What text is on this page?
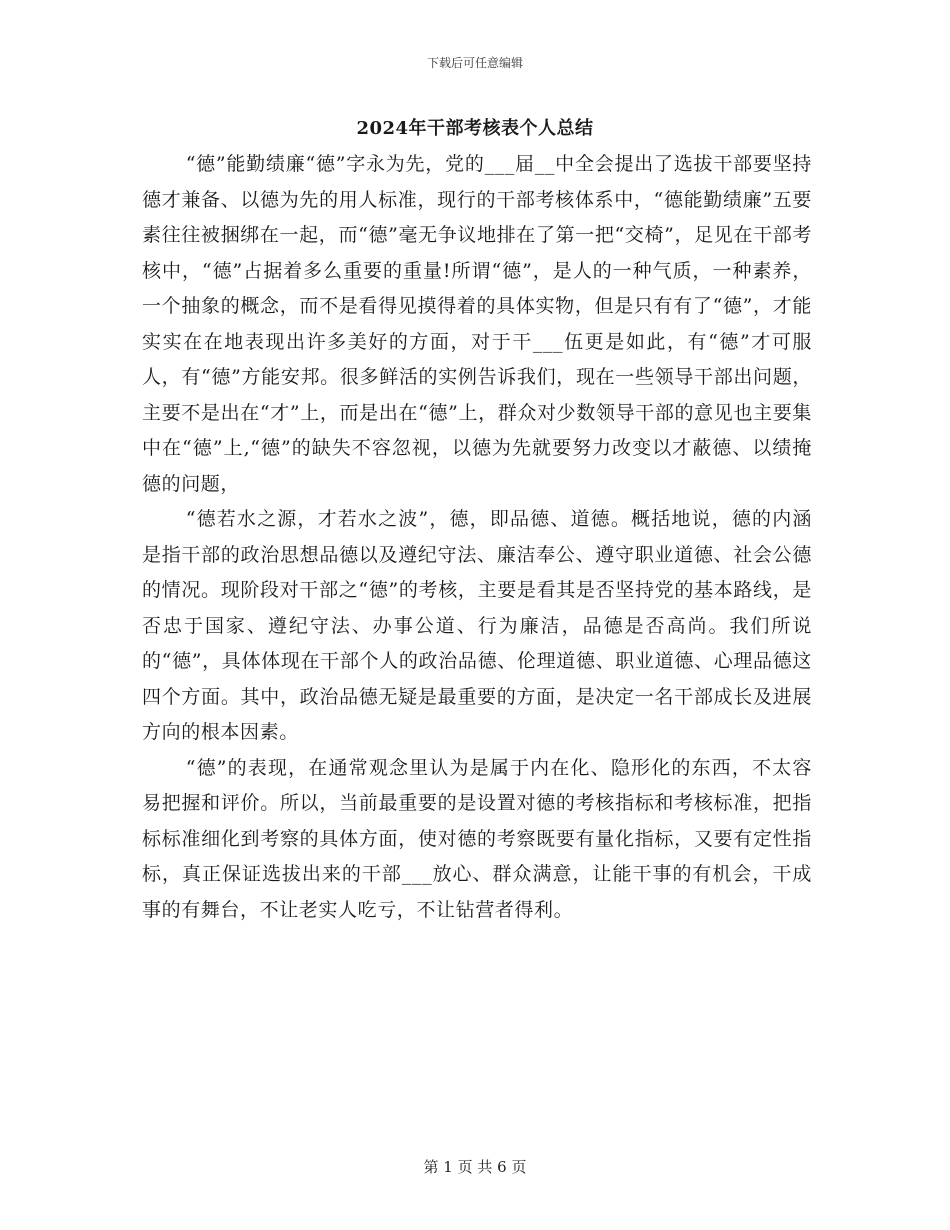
下载后可任意编辑
2024年干部考核表个人总结

“德”能勤绩廉“德”字永为先，党的___届__中全会提出了选拔干部要坚持德才兼备、以德为先的用人标准，现行的干部考核体系中，“德能勤绩廉”五要素往往被捆绑在一起，而“德”毫无争议地排在了第一把“交椅”，足见在干部考核中，“德”占据着多么重要的重量!所谓“德”，是人的一种气质，一种素养，一个抽象的概念，而不是看得见摸得着的具体实物，但是只有有了“德”，才能实实在在地表现出许多美好的方面，对于干___伍更是如此，有“德”才可服人，有“德”方能安邦。很多鲜活的实例告诉我们，现在一些领导干部出问题，主要不是出在“才”上，而是出在“德”上，群众对少数领导干部的意见也主要集中在“德”上,“德”的缺失不容忽视，以德为先就要努力改变以才蔽德、以绩掩德的问题，

“德若水之源，才若水之波”，德，即品德、道德。概括地说，德的内涵是指干部的政治思想品德以及遵纪守法、廉洁奉公、遵守职业道德、社会公德的情况。现阶段对干部之“德”的考核，主要是看其是否坚持党的基本路线，是否忠于国家、遵纪守法、办事公道、行为廉洁，品德是否高尚。我们所说的“德”，具体体现在干部个人的政治品德、伦理道德、职业道德、心理品德这四个方面。其中，政治品德无疑是最重要的方面，是决定一名干部成长及进展方向的根本因素。

“德”的表现，在通常观念里认为是属于内在化、隐形化的东西，不太容易把握和评价。所以，当前最重要的是设置对德的考核指标和考核标准，把指标标准细化到考察的具体方面，使对德的考察既要有量化指标，又要有定性指标，真正保证选拔出来的干部___放心、群众满意，让能干事的有机会，干成事的有舞台，不让老实人吃亏，不让钻营者得利。

第 1 页 共 6 页
